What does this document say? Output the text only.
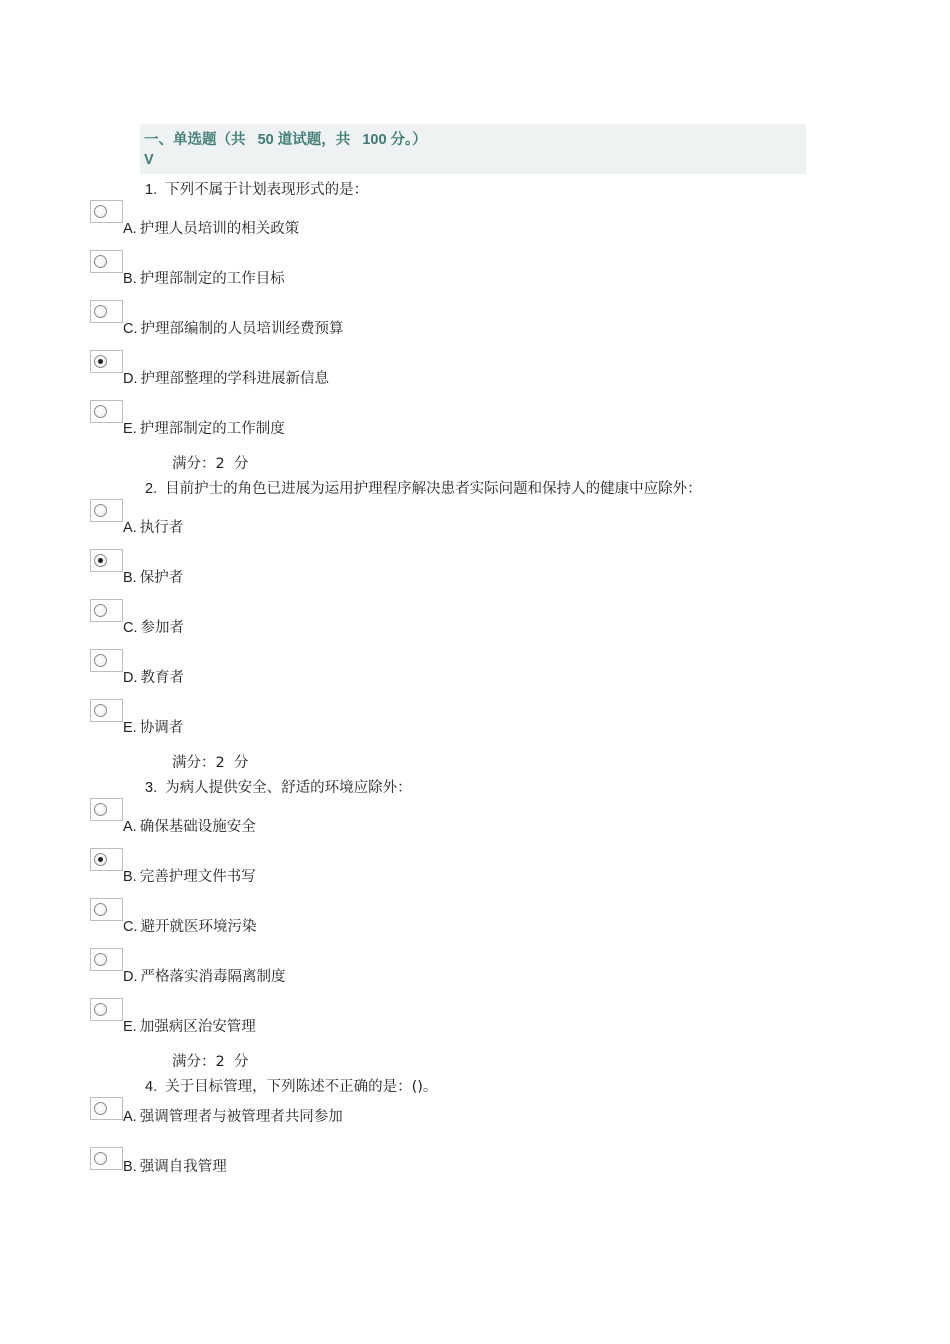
一、单选题（共   50 道试题，共   100 分。）
V
1. 下列不属于计划表现形式的是：
A. 护理人员培训的相关政策
B. 护理部制定的工作目标
C. 护理部编制的人员培训经费预算
D. 护理部整理的学科进展新信息
E. 护理部制定的工作制度
满分：2  分
2. 目前护士的角色已进展为运用护理程序解决患者实际问题和保持人的健康中应除外：
A. 执行者
B. 保护者
C. 参加者
D. 教育者
E. 协调者
满分：2  分
3. 为病人提供安全、舒适的环境应除外：
A. 确保基础设施安全
B. 完善护理文件书写
C. 避开就医环境污染
D. 严格落实消毒隔离制度
E. 加强病区治安管理
满分：2  分
4. 关于目标管理，下列陈述不正确的是：()。
A. 强调管理者与被管理者共同参加
B. 强调自我管理
